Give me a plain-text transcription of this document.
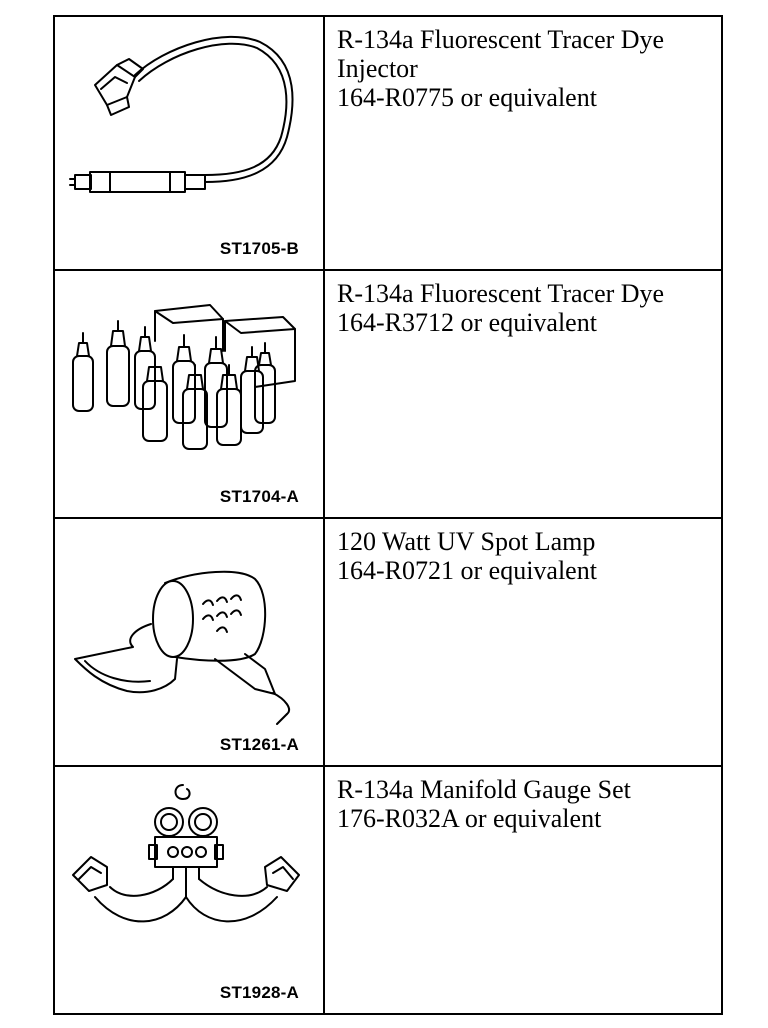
ST1705-B
R-134a Fluorescent Tracer Dye
Injector
164-R0775 or equivalent
ST1704-A
R-134a Fluorescent Tracer Dye
164-R3712 or equivalent
ST1261-A
120 Watt UV Spot Lamp
164-R0721 or equivalent
ST1928-A
R-134a Manifold Gauge Set
176-R032A or equivalent
